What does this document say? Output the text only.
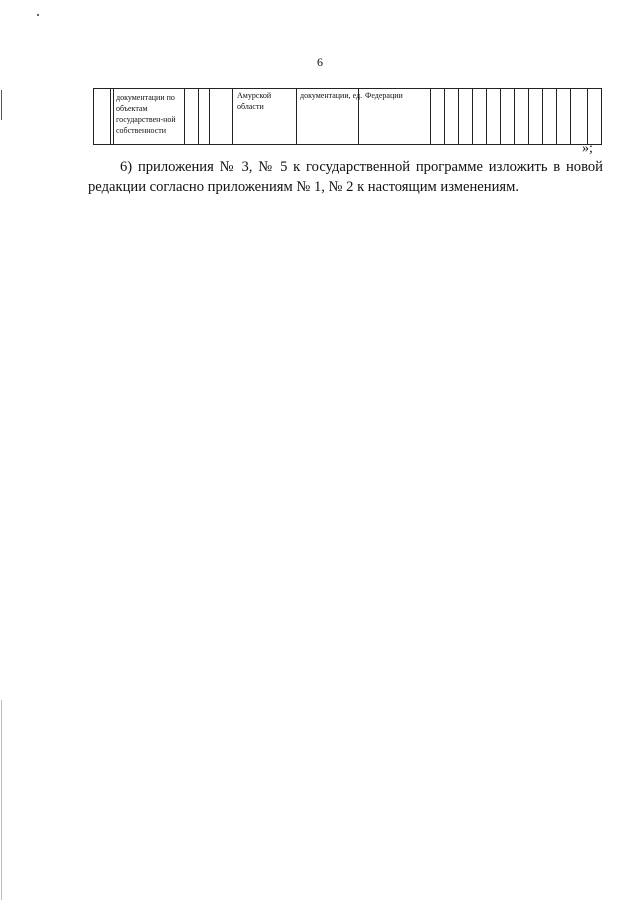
6
документации по объектам государствен-ной собственности
Амурской области
документации, ед. Федерации
»;
6) приложения № 3, № 5 к государственной программе изложить в новой редакции согласно приложениям № 1, № 2 к настоящим изменениям.
